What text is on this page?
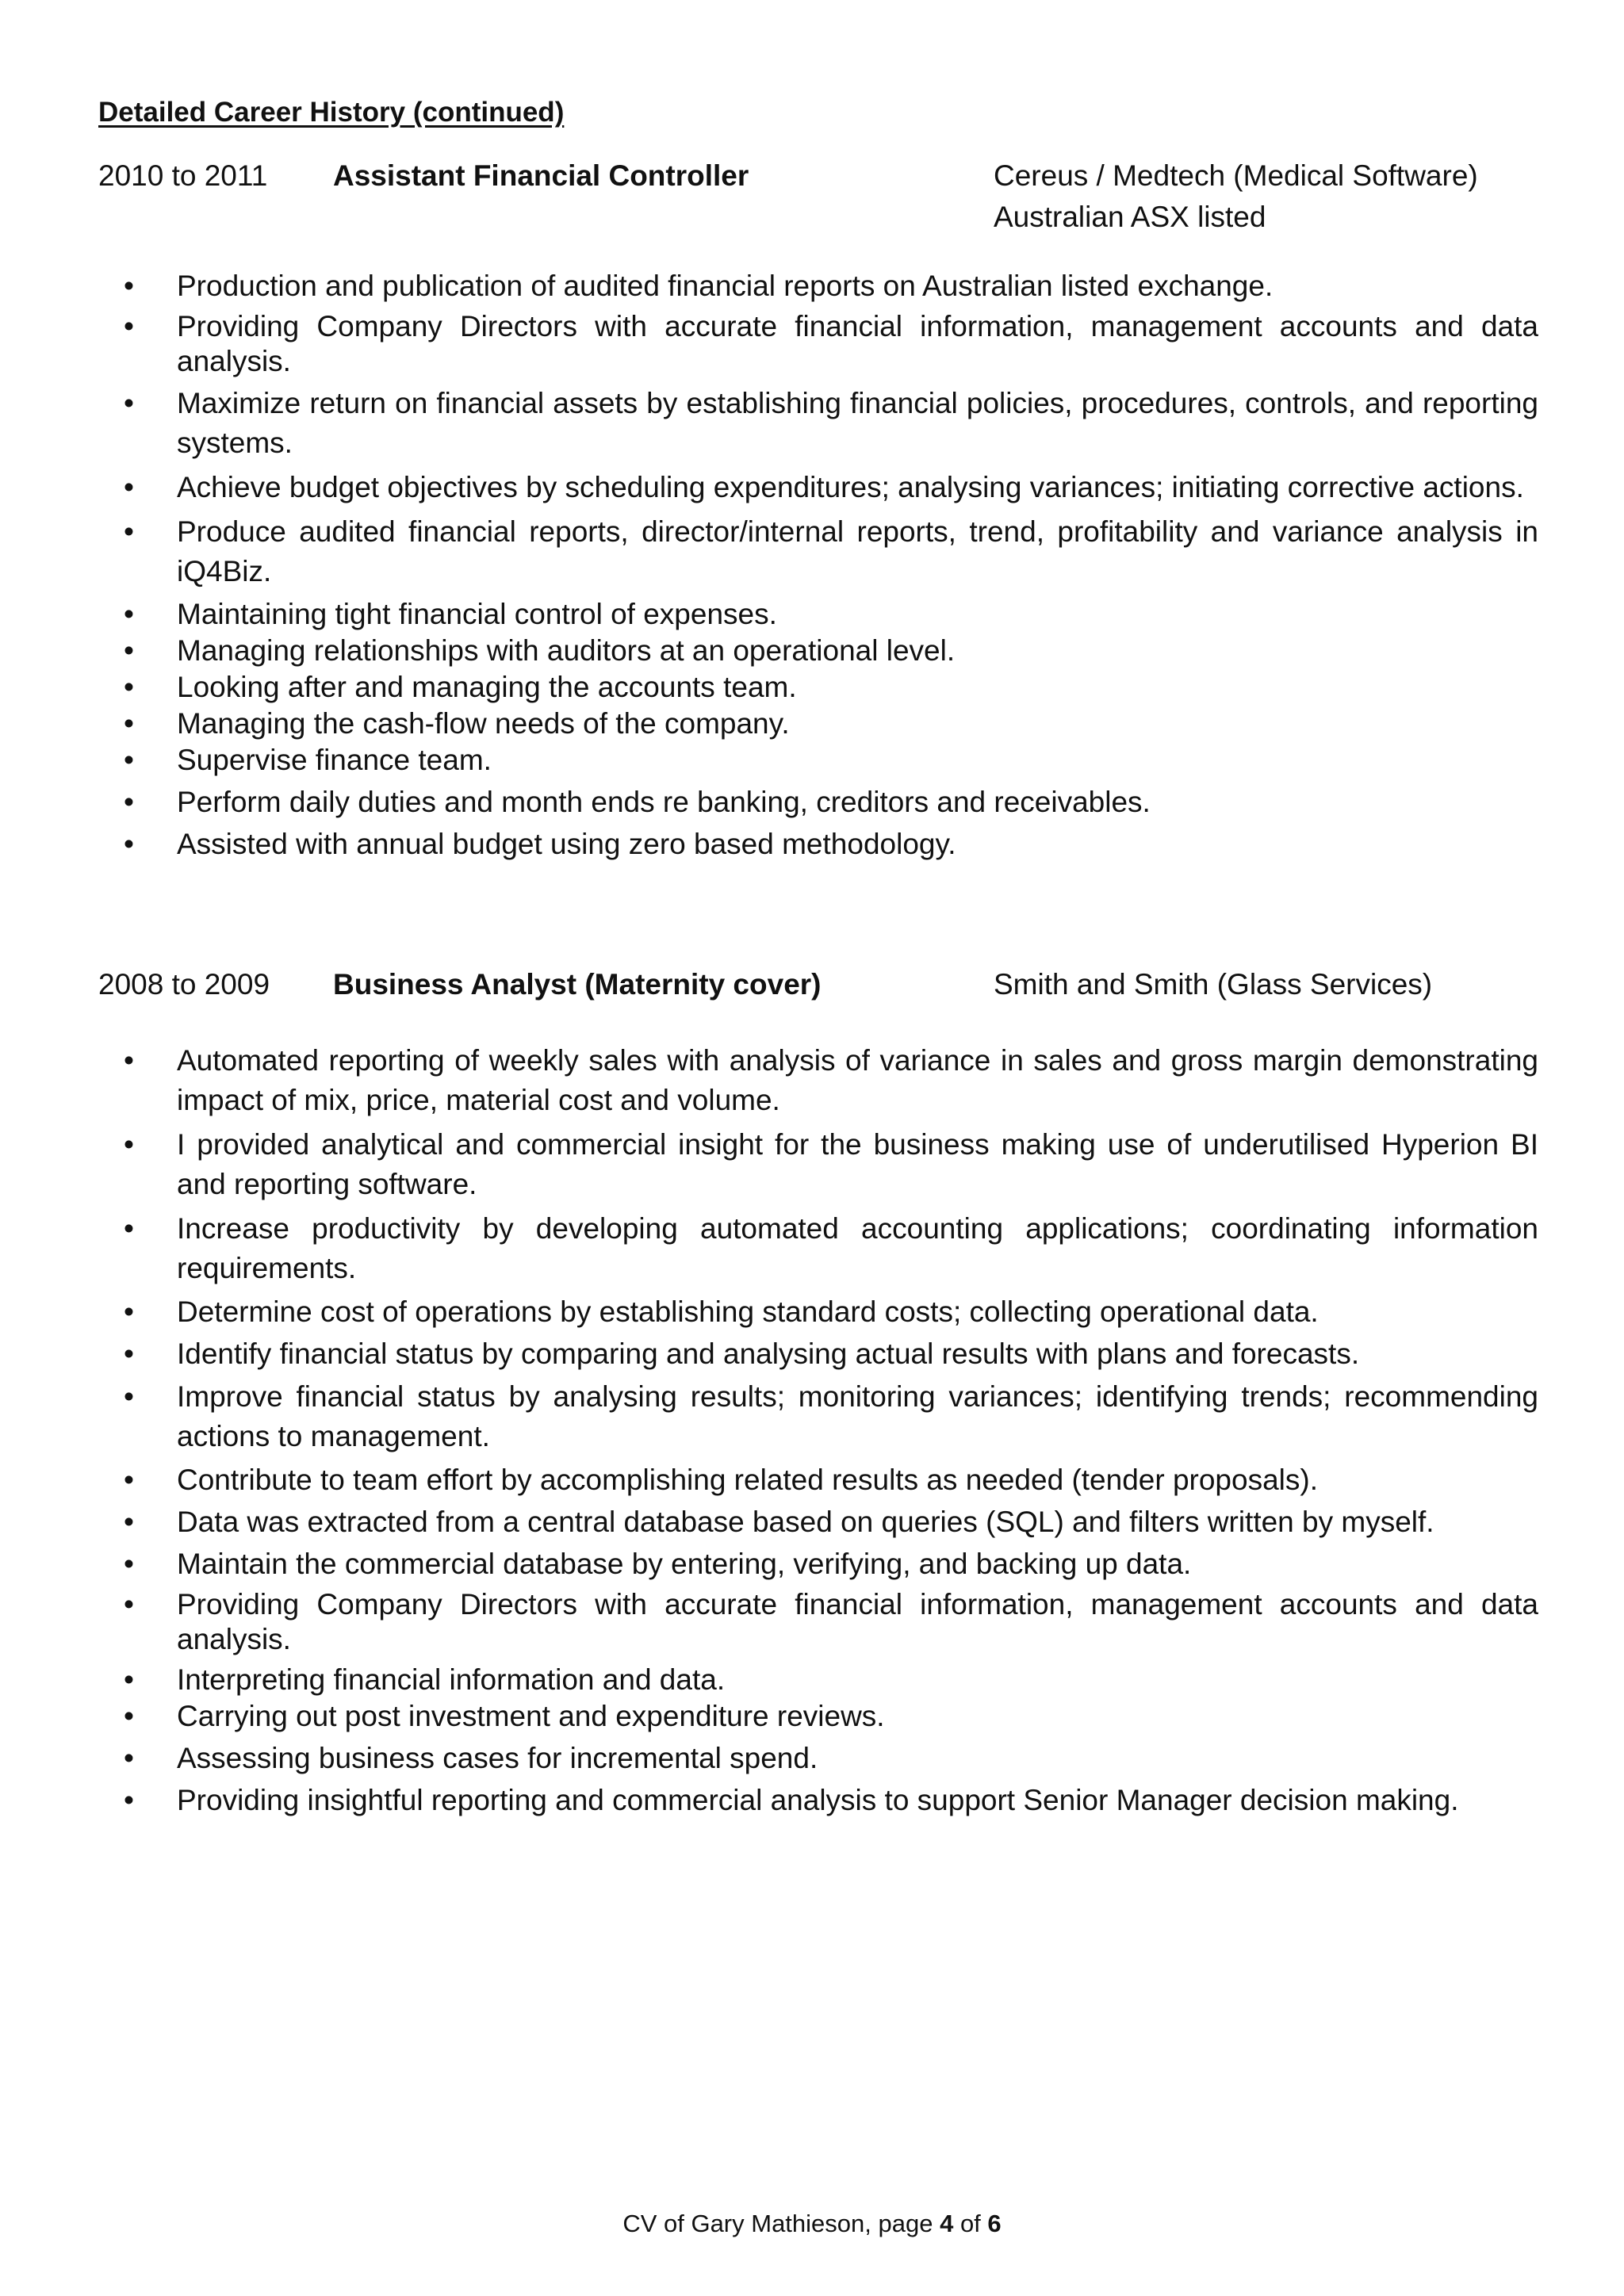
Detailed Career History (continued)
2010 to 2011 Assistant Financial Controller	Cereus / Medtech (Medical Software)
Australian ASX listed
• Production and publication of audited financial reports on Australian listed exchange.
• Providing Company Directors with accurate financial information, management accounts and data analysis.
• Maximize return on financial assets by establishing financial policies, procedures, controls, and reporting systems.
• Achieve budget objectives by scheduling expenditures; analysing variances; initiating corrective actions.
• Produce audited financial reports, director/internal reports, trend, profitability and variance analysis in iQ4Biz.
• Maintaining tight financial control of expenses.
• Managing relationships with auditors at an operational level.
• Looking after and managing the accounts team.
• Managing the cash-flow needs of the company.
• Supervise finance team.
• Perform daily duties and month ends re banking, creditors and receivables.
• Assisted with annual budget using zero based methodology.
2008 to 2009 Business Analyst (Maternity cover)	Smith and Smith (Glass Services)
• Automated reporting of weekly sales with analysis of variance in sales and gross margin demonstrating impact of mix, price, material cost and volume.
• I provided analytical and commercial insight for the business making use of underutilised Hyperion BI and reporting software.
• Increase productivity by developing automated accounting applications; coordinating information requirements.
• Determine cost of operations by establishing standard costs; collecting operational data.
• Identify financial status by comparing and analysing actual results with plans and forecasts.
• Improve financial status by analysing results; monitoring variances; identifying trends; recommending actions to management.
• Contribute to team effort by accomplishing related results as needed (tender proposals).
• Data was extracted from a central database based on queries (SQL) and filters written by myself.
• Maintain the commercial database by entering, verifying, and backing up data.
• Providing Company Directors with accurate financial information, management accounts and data analysis.
• Interpreting financial information and data.
• Carrying out post investment and expenditure reviews.
• Assessing business cases for incremental spend.
• Providing insightful reporting and commercial analysis to support Senior Manager decision making.
CV of Gary Mathieson, page 4 of 6
